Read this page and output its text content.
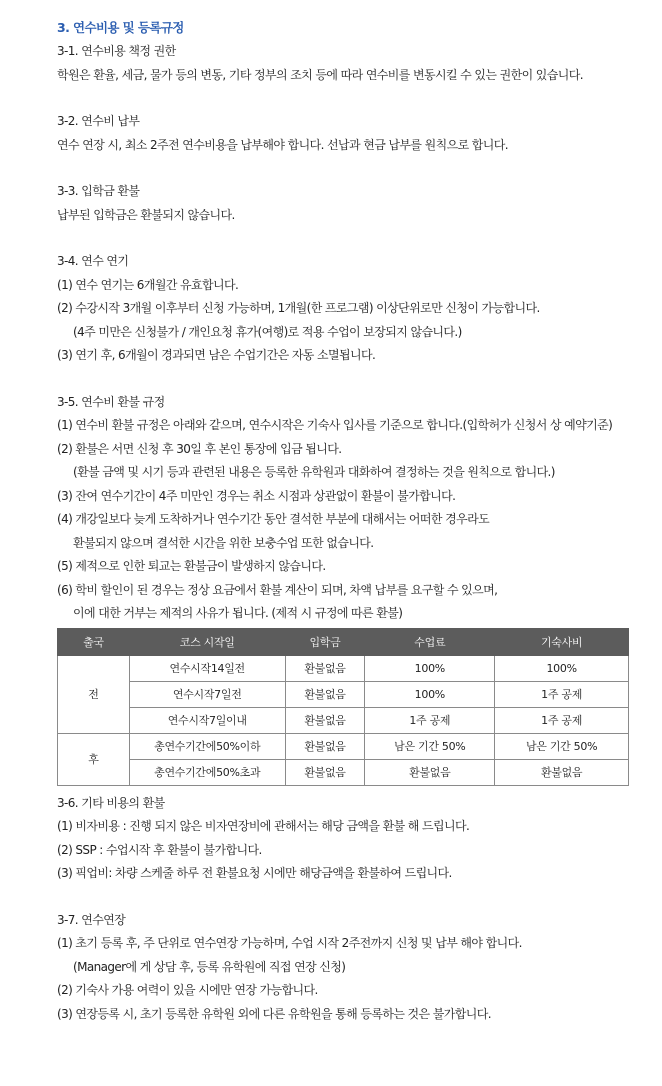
3. 연수비용 및 등록규정
3-1. 연수비용 책정 권한
학원은 환율, 세금, 물가 등의 변동, 기타 정부의 조치 등에 따라 연수비를 변동시킬 수 있는 권한이 있습니다.
3-2. 연수비 납부
연수 연장 시, 최소 2주전 연수비용을 납부해야 합니다. 선납과 현금 납부를 원칙으로 합니다.
3-3. 입학금 환불
납부된 입학금은 환불되지 않습니다.
3-4. 연수 연기
(1) 연수 연기는 6개월간 유효합니다.
(2) 수강시작 3개월 이후부터 신청 가능하며, 1개월(한 프로그램) 이상단위로만 신청이 가능합니다.
(4주 미만은 신청불가 / 개인요청 휴가(여행)로 적용 수업이 보장되지 않습니다.)
(3) 연기 후, 6개월이 경과되면 남은 수업기간은 자동 소멸됩니다.
3-5. 연수비 환불 규정
(1) 연수비 환불 규정은 아래와 같으며, 연수시작은 기숙사 입사를 기준으로 합니다.(입학허가 신청서 상 예약기준)
(2) 환불은 서면 신청 후 30일 후 본인 통장에 입금 됩니다.
(환불 금액 및 시기 등과 관련된 내용은 등록한 유학원과 대화하여 결정하는 것을 원칙으로 합니다.)
(3) 잔여 연수기간이 4주 미만인 경우는 취소 시점과 상관없이 환불이 불가합니다.
(4) 개강일보다 늦게 도착하거나 연수기간 동안 결석한 부분에 대해서는 어떠한 경우라도
환불되지 않으며 결석한 시간을 위한 보충수업 또한 없습니다.
(5) 제적으로 인한 퇴교는 환불금이 발생하지 않습니다.
(6) 학비 할인이 된 경우는 정상 요금에서 환불 계산이 되며, 차액 납부를 요구할 수 있으며,
이에 대한 거부는 제적의 사유가 됩니다. (제적 시 규정에 따른 환불)
출국	코스 시작일	입학금	수업료	기숙사비
전	연수시작14일전	환불없음	100%	100%
	연수시작7일전	환불없음	100%	1주 공제
	연수시작7일이내	환불없음	1주 공제	1주 공제
후	총연수기간에50%이하	환불없음	남은 기간 50%	남은 기간 50%
	총연수기간에50%초과	환불없음	환불없음	환불없음
3-6. 기타 비용의 환불
(1) 비자비용 : 진행 되지 않은 비자연장비에 관해서는 해당 금액을 환불 해 드립니다.
(2) SSP : 수업시작 후 환불이 불가합니다.
(3) 픽업비: 차량 스케줄 하루 전 환불요청 시에만 해당금액을 환불하여 드립니다.
3-7. 연수연장
(1) 초기 등록 후, 주 단위로 연수연장 가능하며, 수업 시작 2주전까지 신청 및 납부 해야 합니다.
(Manager에 게 상담 후, 등록 유학원에 직접 연장 신청)
(2) 기숙사 가용 여력이 있을 시에만 연장 가능합니다.
(3) 연장등록 시, 초기 등록한 유학원 외에 다른 유학원을 통해 등록하는 것은 불가합니다.
